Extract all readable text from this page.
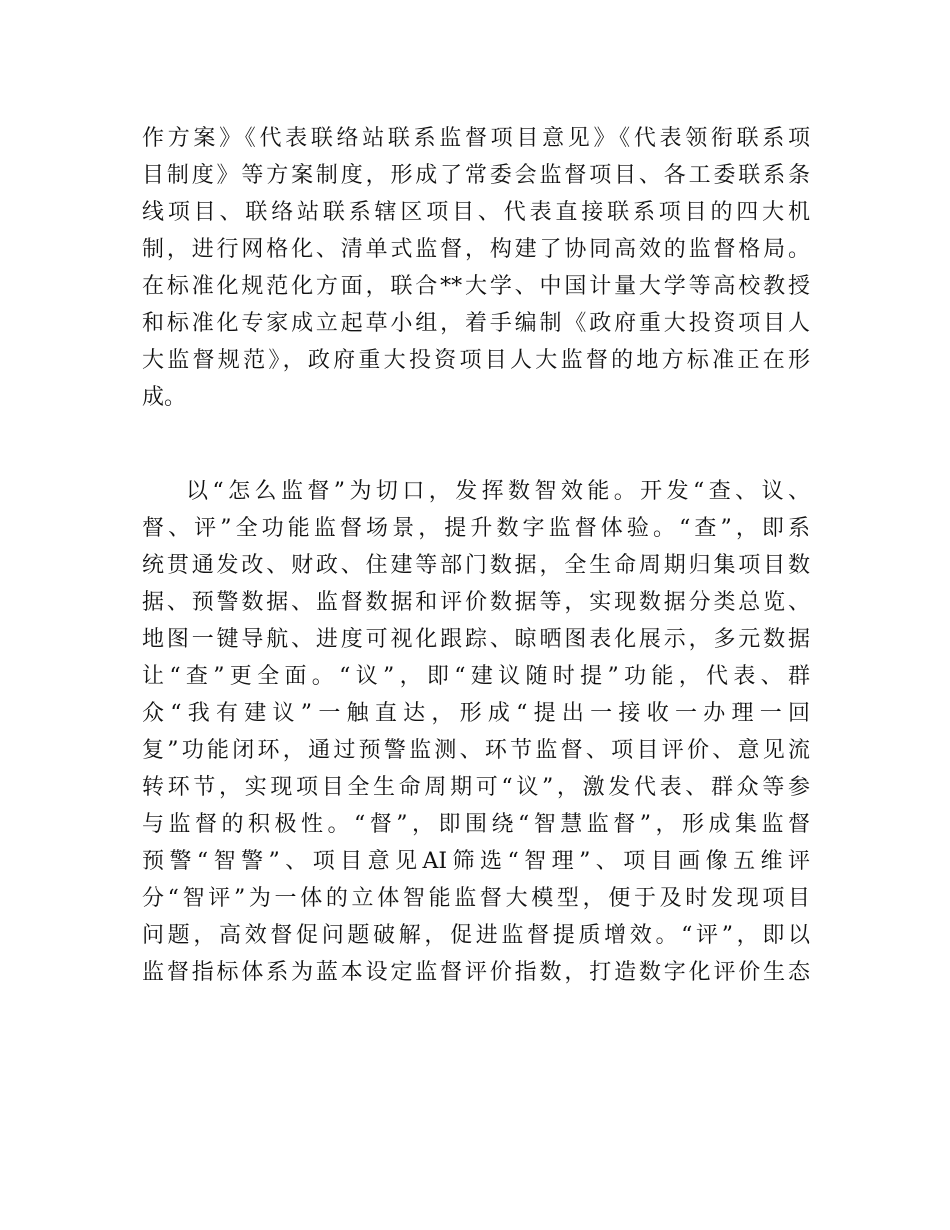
作方案》《代表联络站联系监督项目意见》《代表领衔联系项
目制度》等方案制度，形成了常委会监督项目、各工委联系条
线项目、联络站联系辖区项目、代表直接联系项目的四大机
制，进行网格化、清单式监督，构建了协同高效的监督格局。
在标准化规范化方面，联合**大学、中国计量大学等高校教授
和标准化专家成立起草小组，着手编制《政府重大投资项目人
大监督规范》，政府重大投资项目人大监督的地方标准正在形
成。
以“怎么监督”为切口，发挥数智效能。开发“查、议、
督、评”全功能监督场景，提升数字监督体验。“查”，即系
统贯通发改、财政、住建等部门数据，全生命周期归集项目数
据、预警数据、监督数据和评价数据等，实现数据分类总览、
地图一键导航、进度可视化跟踪、晾晒图表化展示，多元数据
让“查”更全面。“议”，即“建议随时提”功能，代表、群
众“我有建议”一触直达，形成“提出一接收一办理一回
复”功能闭环，通过预警监测、环节监督、项目评价、意见流
转环节，实现项目全生命周期可“议”，激发代表、群众等参
与监督的积极性。“督”，即围绕“智慧监督”，形成集监督
预警“智警”、项目意见AI筛选“智理”、项目画像五维评
分“智评”为一体的立体智能监督大模型，便于及时发现项目
问题，高效督促问题破解，促进监督提质增效。“评”，即以
监督指标体系为蓝本设定监督评价指数，打造数字化评价生态
